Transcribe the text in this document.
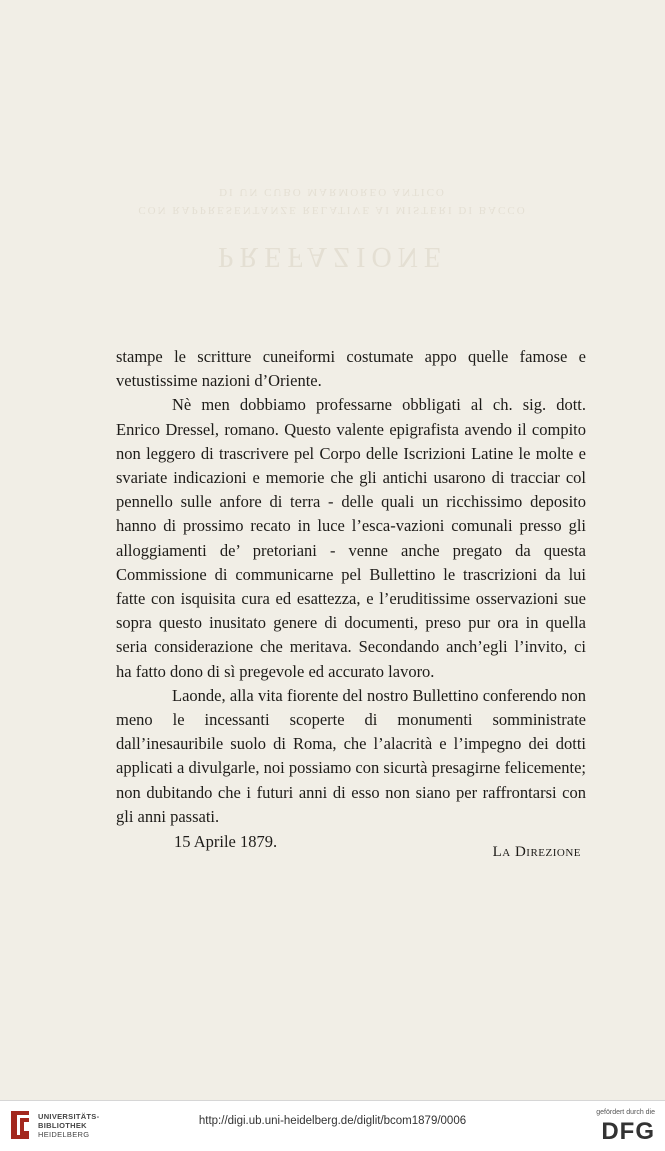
DI UN CUBO MARMOREO ANTICO
CON RAPPRESENTANZE RELATIVE AI MISTERI DI BACCO
PREFAZIONE

stampe le scritture cuneiformi costumate appo quelle famose e vetustissime nazioni d’Oriente.

Nè men dobbiamo professarne obbligati al ch. sig. dott. Enrico Dressel, romano. Questo valente epigrafista avendo il compito non leggero di trascrivere pel Corpo delle Iscrizioni Latine le molte e svariate indicazioni e memorie che gli antichi usarono di tracciar col pennello sulle anfore di terra - delle quali un ricchissimo deposito hanno di prossimo recato in luce l’esca-vazioni comunali presso gli alloggiamenti de’ pretoriani - venne anche pregato da questa Commissione di communicarne pel Bullettino le trascrizioni da lui fatte con isquisita cura ed esattezza, e l’eruditissime osservazioni sue sopra questo inusitato genere di documenti, preso pur ora in quella seria considerazione che meritava. Secondando anch’egli l’invito, ci ha fatto dono di sì pregevole ed accurato lavoro.

Laonde, alla vita fiorente del nostro Bullettino conferendo non meno le incessanti scoperte di monumenti somministrate dall’inesauribile suolo di Roma, che l’alacrità e l’impegno dei dotti applicati a divulgarle, noi possiamo con sicurtà presagirne felicemente; non dubitando che i futuri anni di esso non siano per raffrontarsi con gli anni passati.

15 Aprile 1879.
La Direzione
UNIVERSITÄTS-
BIBLIOTHEK
HEIDELBERG
http://digi.ub.uni-heidelberg.de/diglit/bcom1879/0006
gefördert durch die
DFG
